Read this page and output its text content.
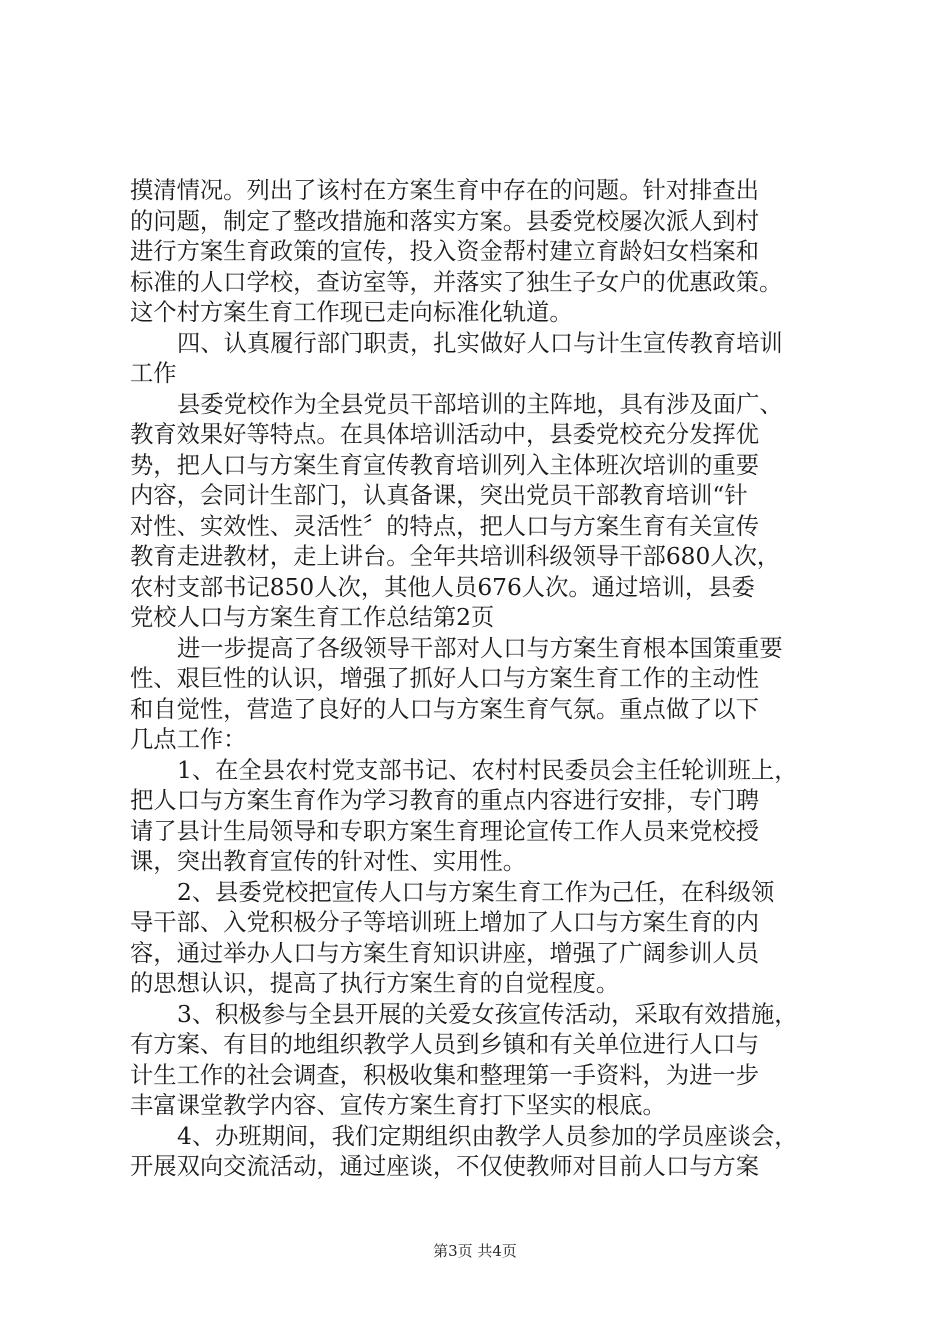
摸清情况。列出了该村在方案生育中存在的问题。针对排查出
的问题，制定了整改措施和落实方案。县委党校屡次派人到村
进行方案生育政策的宣传，投入资金帮村建立育龄妇女档案和
标准的人口学校，查访室等，并落实了独生子女户的优惠政策。
这个村方案生育工作现已走向标准化轨道。
四、认真履行部门职责，扎实做好人口与计生宣传教育培训
工作
县委党校作为全县党员干部培训的主阵地，具有涉及面广、
教育效果好等特点。在具体培训活动中，县委党校充分发挥优
势，把人口与方案生育宣传教育培训列入主体班次培训的重要
内容，会同计生部门，认真备课，突出党员干部教育培训“针
对性、实效性、灵活性〞的特点，把人口与方案生育有关宣传
教育走进教材，走上讲台。全年共培训科级领导干部680人次，
农村支部书记850人次，其他人员676人次。通过培训，县委
党校人口与方案生育工作总结第2页
进一步提高了各级领导干部对人口与方案生育根本国策重要
性、艰巨性的认识，增强了抓好人口与方案生育工作的主动性
和自觉性，营造了良好的人口与方案生育气氛。重点做了以下
几点工作：
1、在全县农村党支部书记、农村村民委员会主任轮训班上，
把人口与方案生育作为学习教育的重点内容进行安排，专门聘
请了县计生局领导和专职方案生育理论宣传工作人员来党校授
课，突出教育宣传的针对性、实用性。
2、县委党校把宣传人口与方案生育工作为己任，在科级领
导干部、入党积极分子等培训班上增加了人口与方案生育的内
容，通过举办人口与方案生育知识讲座，增强了广阔参训人员
的思想认识，提高了执行方案生育的自觉程度。
3、积极参与全县开展的关爱女孩宣传活动，采取有效措施，
有方案、有目的地组织教学人员到乡镇和有关单位进行人口与
计生工作的社会调查，积极收集和整理第一手资料，为进一步
丰富课堂教学内容、宣传方案生育打下坚实的根底。
4、办班期间，我们定期组织由教学人员参加的学员座谈会，
开展双向交流活动，通过座谈，不仅使教师对目前人口与方案
第3页 共4页
